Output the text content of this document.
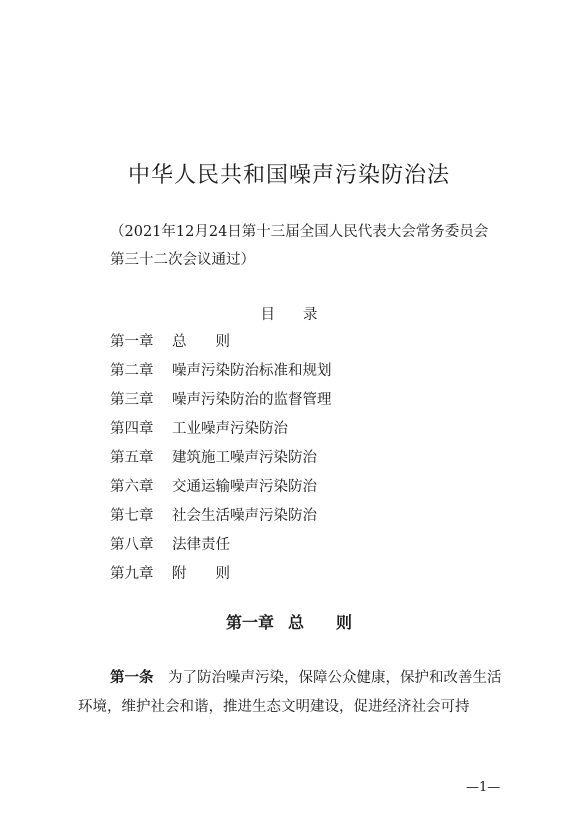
中华人民共和国噪声污染防治法

（2021年12月24日第十三届全国人民代表大会常务委员会第三十二次会议通过）

目录
第一章 总　　则
第二章 噪声污染防治标准和规划
第三章 噪声污染防治的监督管理
第四章 工业噪声污染防治
第五章 建筑施工噪声污染防治
第六章 交通运输噪声污染防治
第七章 社会生活噪声污染防治
第八章 法律责任
第九章 附　　则
第一章 总　　则

第一条　 为了防治噪声污染，保障公众健康，保护和改善生活环境，维护社会和谐，推进生态文明建设，促进经济社会可持

—1—
